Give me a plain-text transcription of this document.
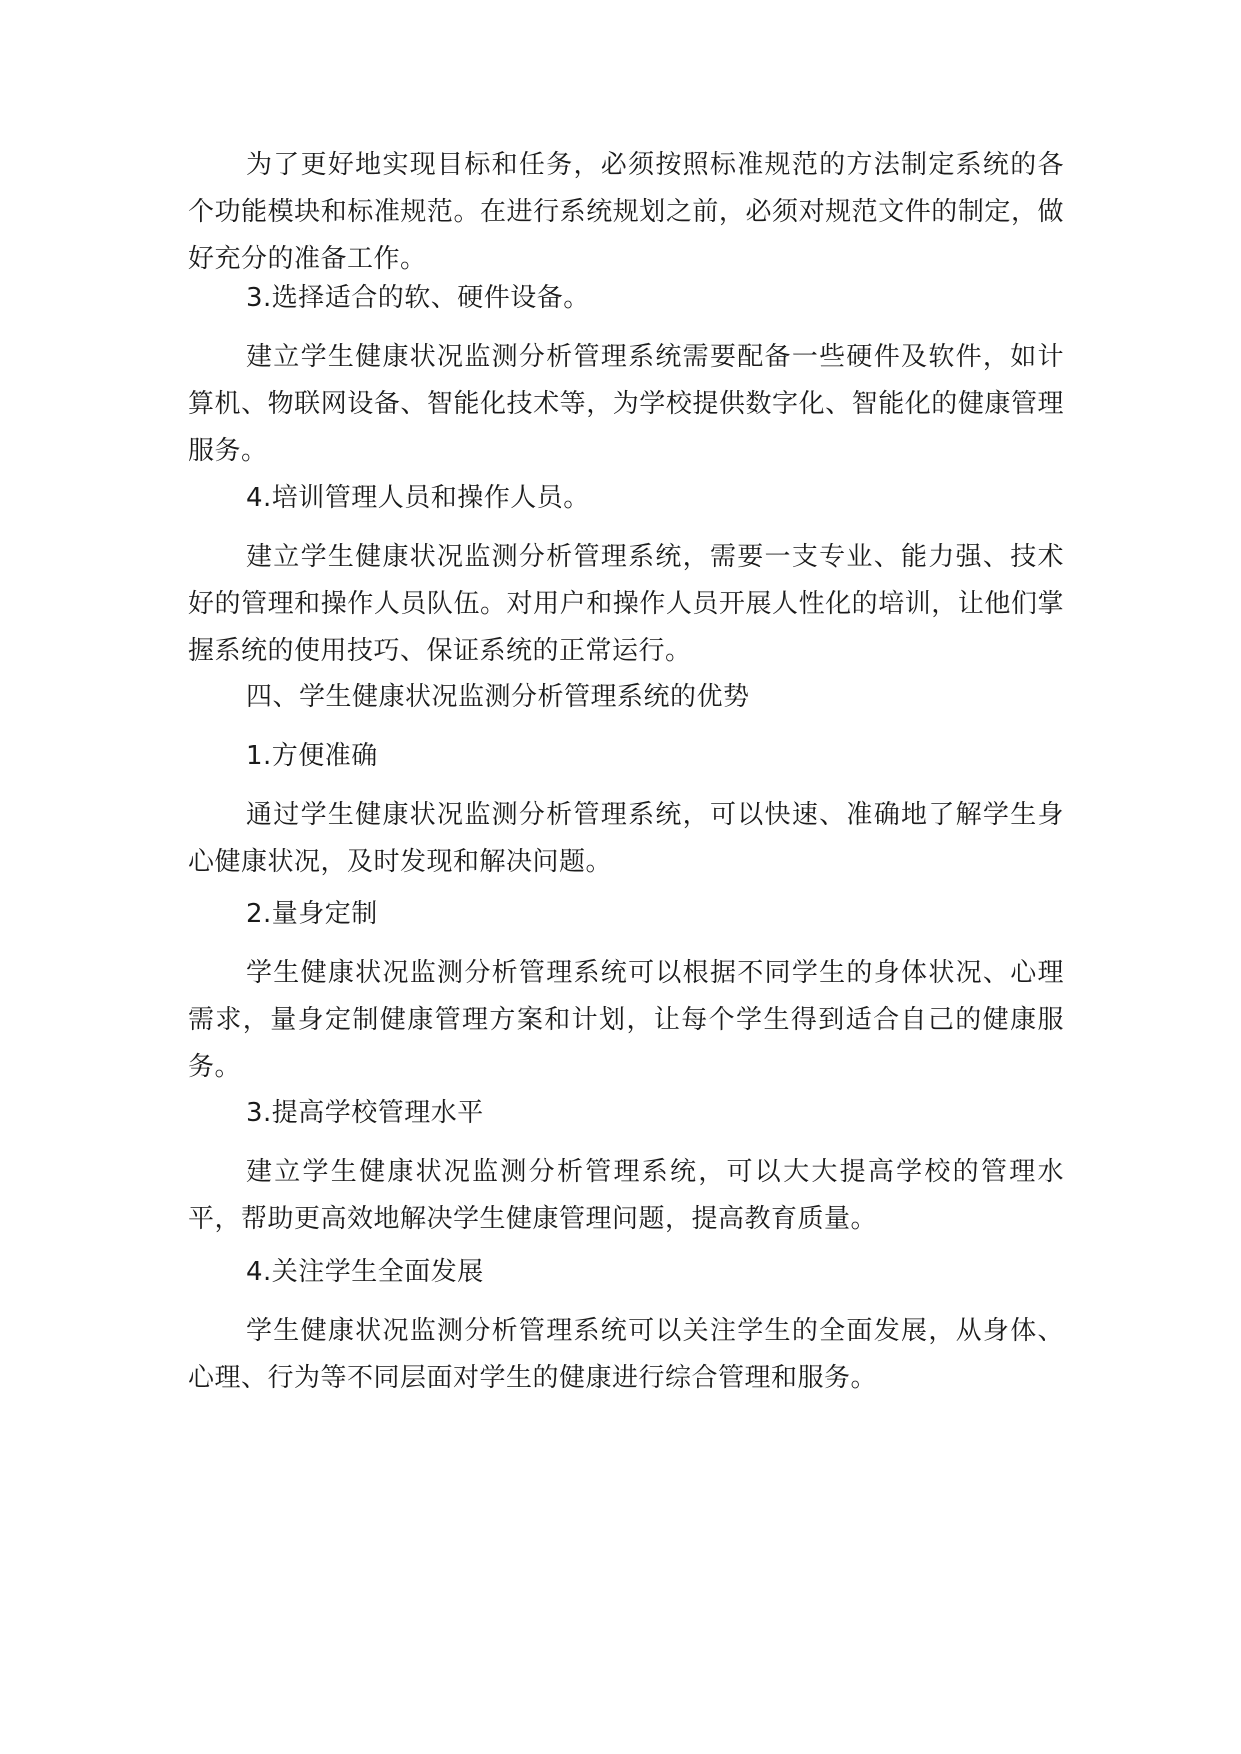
为了更好地实现目标和任务，必须按照标准规范的方法制定系统的各个功能模块和标准规范。在进行系统规划之前，必须对规范文件的制定，做好充分的准备工作。

3.选择适合的软、硬件设备。

建立学生健康状况监测分析管理系统需要配备一些硬件及软件，如计算机、物联网设备、智能化技术等，为学校提供数字化、智能化的健康管理服务。

4.培训管理人员和操作人员。

建立学生健康状况监测分析管理系统，需要一支专业、能力强、技术好的管理和操作人员队伍。对用户和操作人员开展人性化的培训，让他们掌握系统的使用技巧、保证系统的正常运行。

四、学生健康状况监测分析管理系统的优势

1.方便准确

通过学生健康状况监测分析管理系统，可以快速、准确地了解学生身心健康状况，及时发现和解决问题。

2.量身定制

学生健康状况监测分析管理系统可以根据不同学生的身体状况、心理需求，量身定制健康管理方案和计划，让每个学生得到适合自己的健康服务。

3.提高学校管理水平

建立学生健康状况监测分析管理系统，可以大大提高学校的管理水平，帮助更高效地解决学生健康管理问题，提高教育质量。

4.关注学生全面发展

学生健康状况监测分析管理系统可以关注学生的全面发展，从身体、心理、行为等不同层面对学生的健康进行综合管理和服务。
